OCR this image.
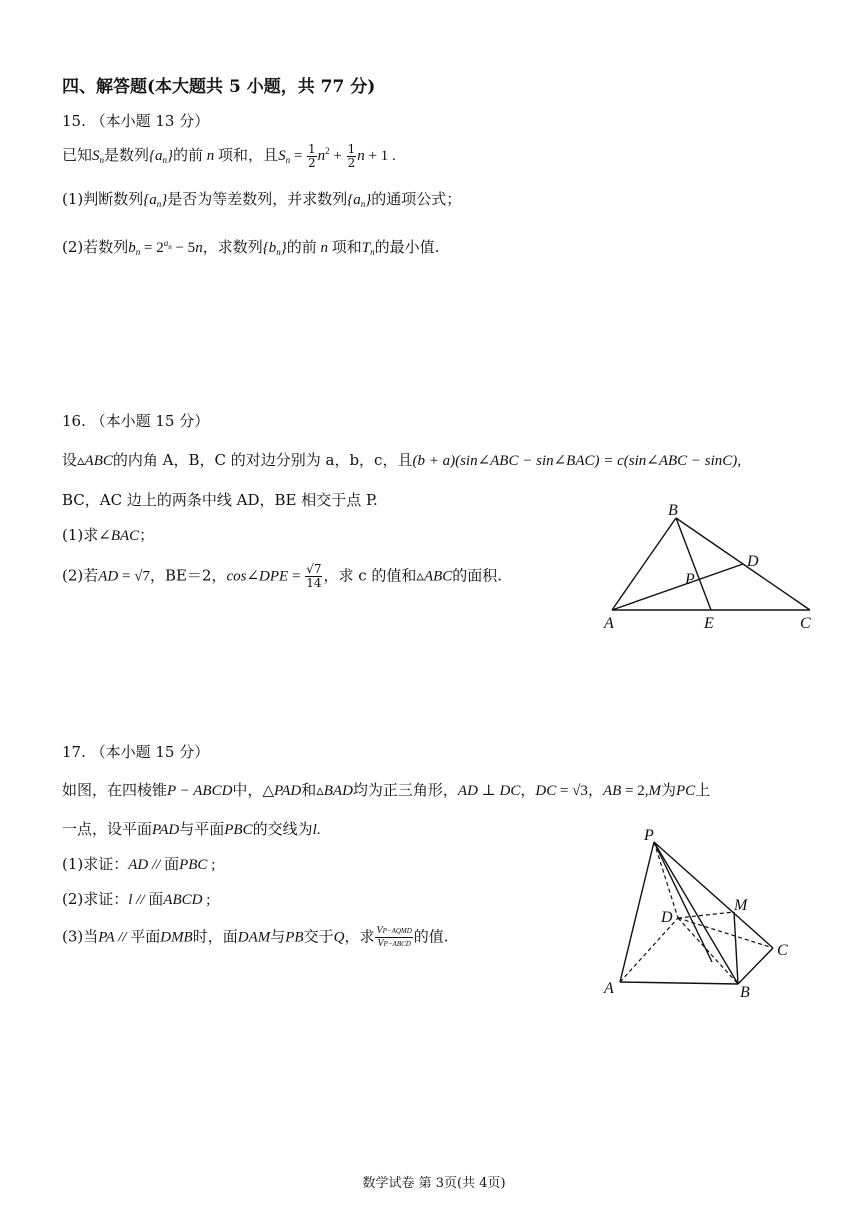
四、解答题(本大题共 5 小题，共 77 分)
15. （本小题 13 分）
已知$S_n$是数列$\{a_n\}$的前 n 项和，且$S_n = \frac{1}{2} n^2 + \frac{1}{2}$ n + 1 .
(1)判断数列$\{a_n\}$是否为等差数列，并求数列$\{a_n\}$的通项公式；
(2)若数列$b_n = 2^{a_n} - 5n$，求数列$\{b_n\}$的前 n 项和$T_n$的最小值.
16. （本小题 15 分）
设▵ABC的内角 A，B，C 的对边分别为 a，b，c，且(b + a)(sin∠ABC − sin∠BAC) = c(sin∠ABC − sinC),
BC，AC 边上的两条中线 AD，BE 相交于点 P.
(1)求∠BAC；
(2)若AD = √7，BE＝2，cos∠DPE = $\frac{√7}{14}$ ，求 c 的值和▵ABC的面积.
B
D
P
A	E	C
17. （本小题 15 分）
如图，在四棱锥P − ABCD中，△PAD和▵BAD均为正三角形，AD ⊥ DC，DC = √3，AB = 2,M为PC上
一点，设平面PAD与平面PBC的交线为l.
(1)求证：AD // 面PBC ;
(2)求证：l // 面ABCD ;
(3)当PA // 平面DMB时，面DAM与PB交于Q，求 $\frac{\text{VP−AQMD}}{\text{VP−ABCD}}$ 的值.
P
M
D
C
A	B
数学试卷 第 3页(共 4页)
